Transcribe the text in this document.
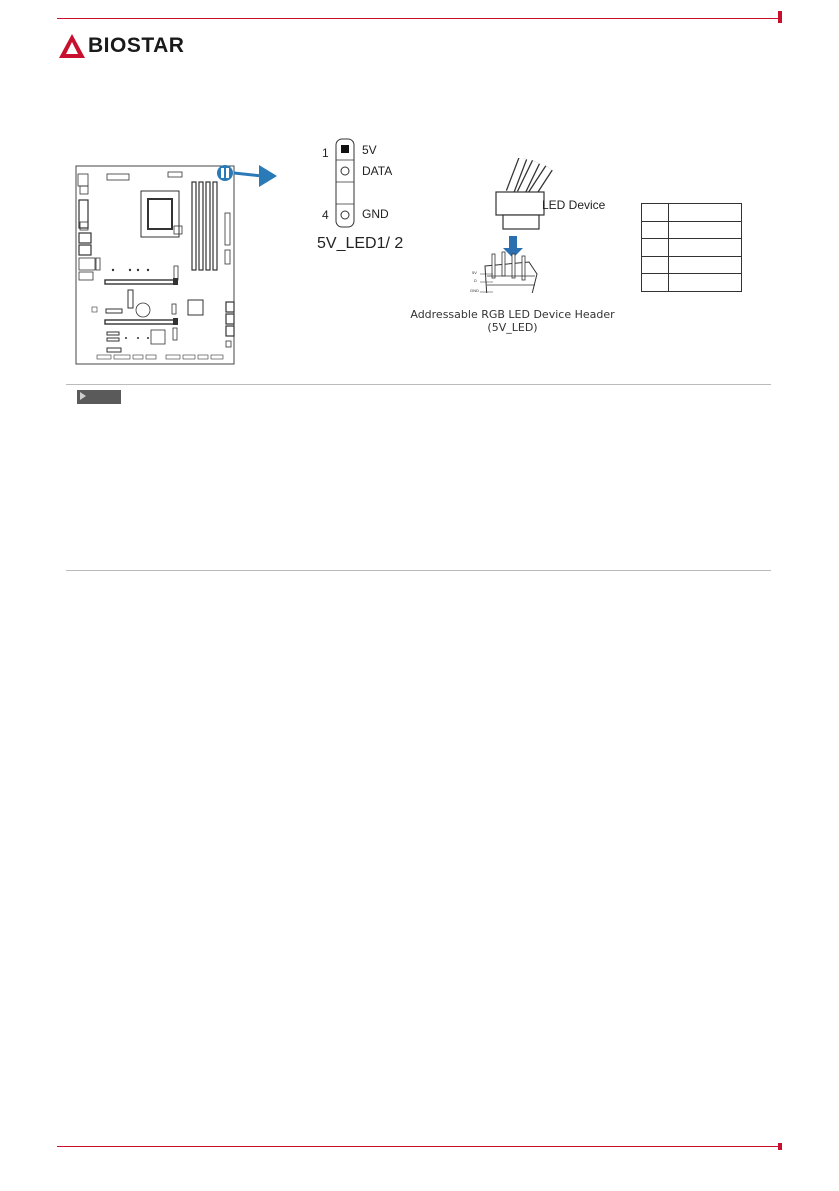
BIOSTAR
1
4
5V
DATA
GND
5V_LED1/ 2
LED Device
5V
D
GND
Addressable RGB LED Device Header
(5V_LED)
